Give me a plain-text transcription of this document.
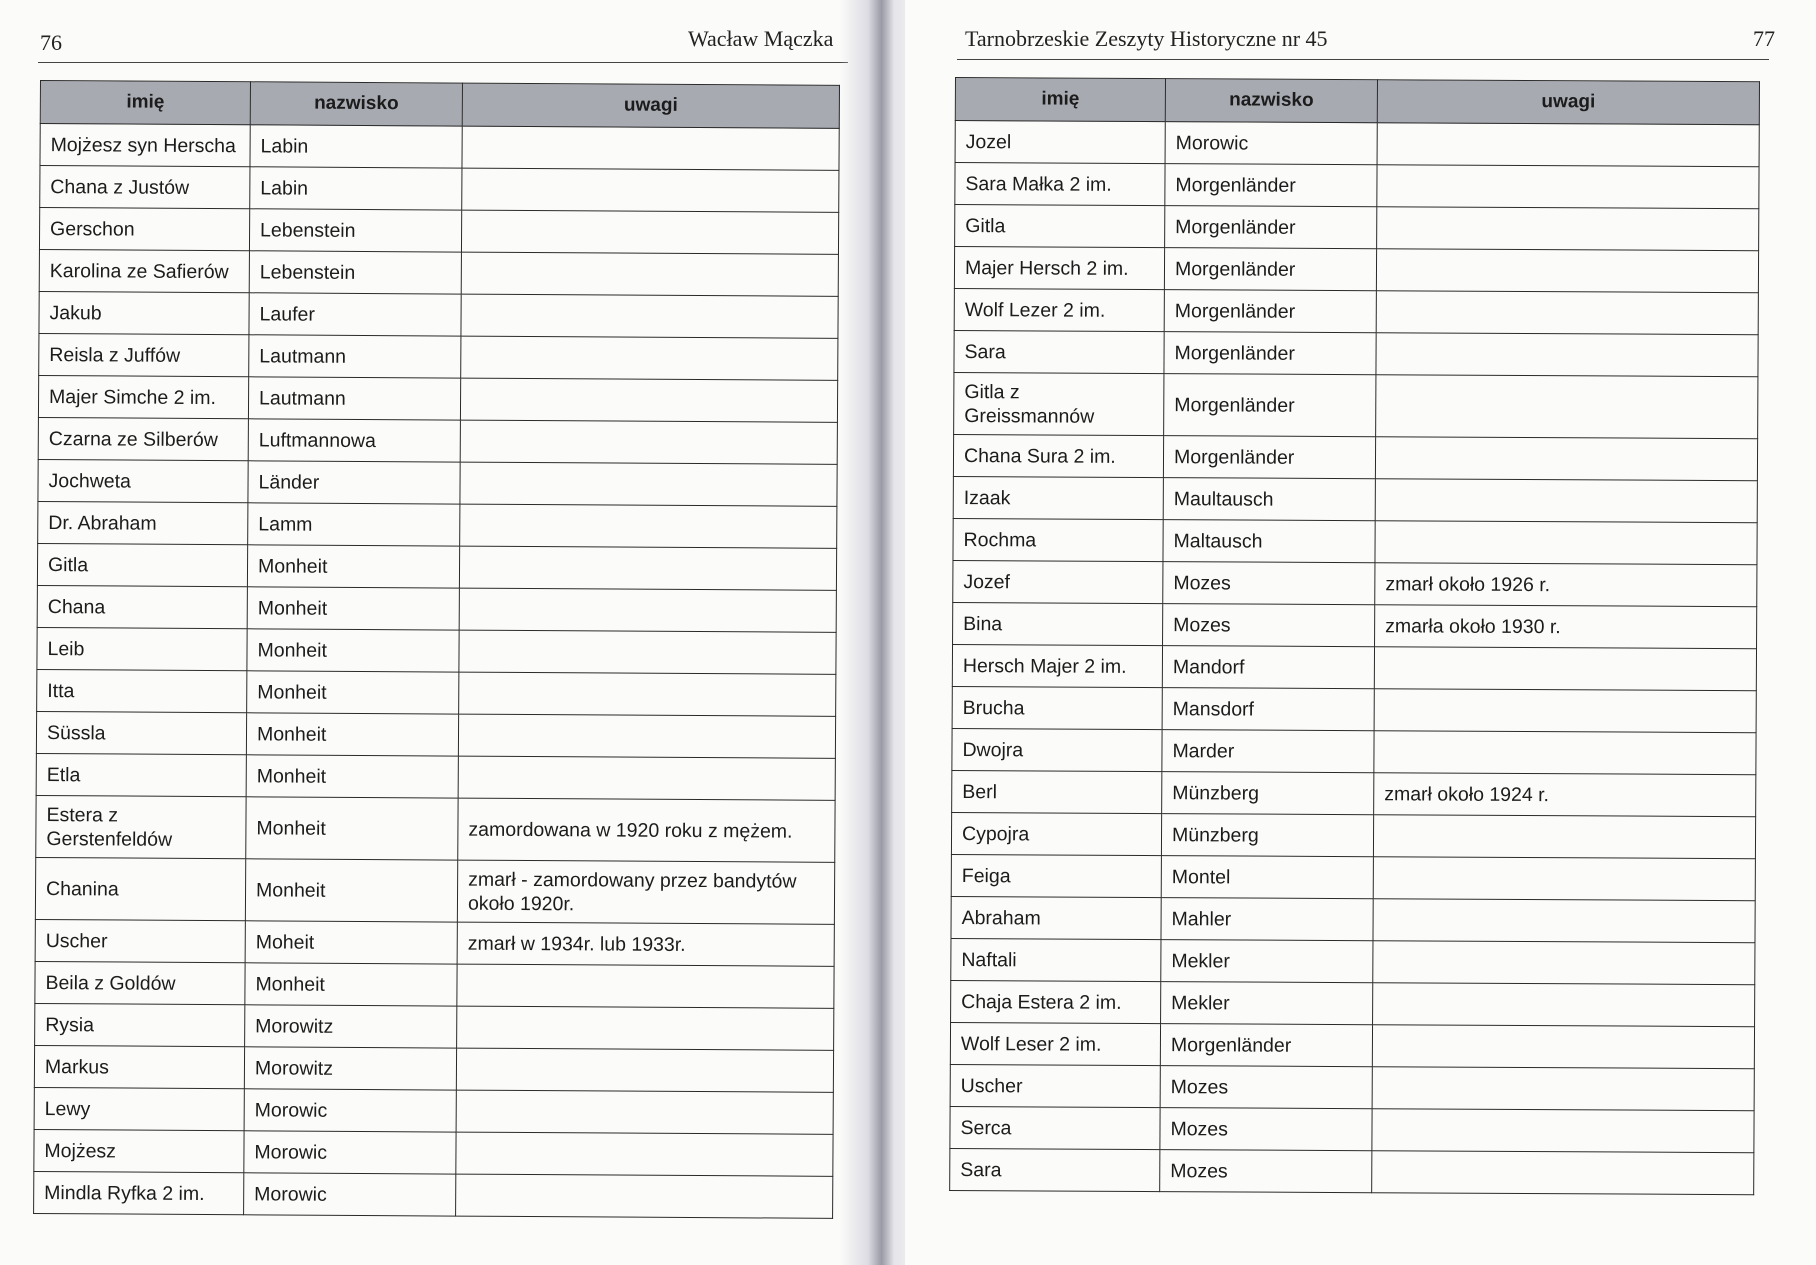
76	Wacław Mączka
imię	nazwisko	uwagi
Mojżesz syn Herscha	Labin	
Chana z Justów	Labin	
Gerschon	Lebenstein	
Karolina ze Safierów	Lebenstein	
Jakub	Laufer	
Reisla z Juffów	Lautmann	
Majer Simche 2 im.	Lautmann	
Czarna ze Silberów	Luftmannowa	
Jochweta	Länder	
Dr. Abraham	Lamm	
Gitla	Monheit	
Chana	Monheit	
Leib	Monheit	
Itta	Monheit	
Süssla	Monheit	
Etla	Monheit	
Estera z Gerstenfeldów	Monheit	zamordowana w 1920 roku z mężem.
Chanina	Monheit	zmarł - zamordowany przez bandytów około 1920r.
Uscher	Moheit	zmarł w 1934r. lub 1933r.
Beila z Goldów	Monheit	
Rysia	Morowitz	
Markus	Morowitz	
Lewy	Morowic	
Mojżesz	Morowic	
Mindla Ryfka 2 im.	Morowic	
Tarnobrzeskie Zeszyty Historyczne nr 45	77
imię	nazwisko	uwagi
Jozel	Morowic	
Sara Małka 2 im.	Morgenländer	
Gitla	Morgenländer	
Majer Hersch 2 im.	Morgenländer	
Wolf Lezer 2 im.	Morgenländer	
Sara	Morgenländer	
Gitla z Greissmannów	Morgenländer	
Chana Sura 2 im.	Morgenländer	
Izaak	Maultausch	
Rochma	Maltausch	
Jozef	Mozes	zmarł około 1926 r.
Bina	Mozes	zmarła około 1930 r.
Hersch Majer 2 im.	Mandorf	
Brucha	Mansdorf	
Dwojra	Marder	
Berl	Münzberg	zmarł około 1924 r.
Cypojra	Münzberg	
Feiga	Montel	
Abraham	Mahler	
Naftali	Mekler	
Chaja Estera 2 im.	Mekler	
Wolf Leser 2 im.	Morgenländer	
Uscher	Mozes	
Serca	Mozes	
Sara	Mozes	
